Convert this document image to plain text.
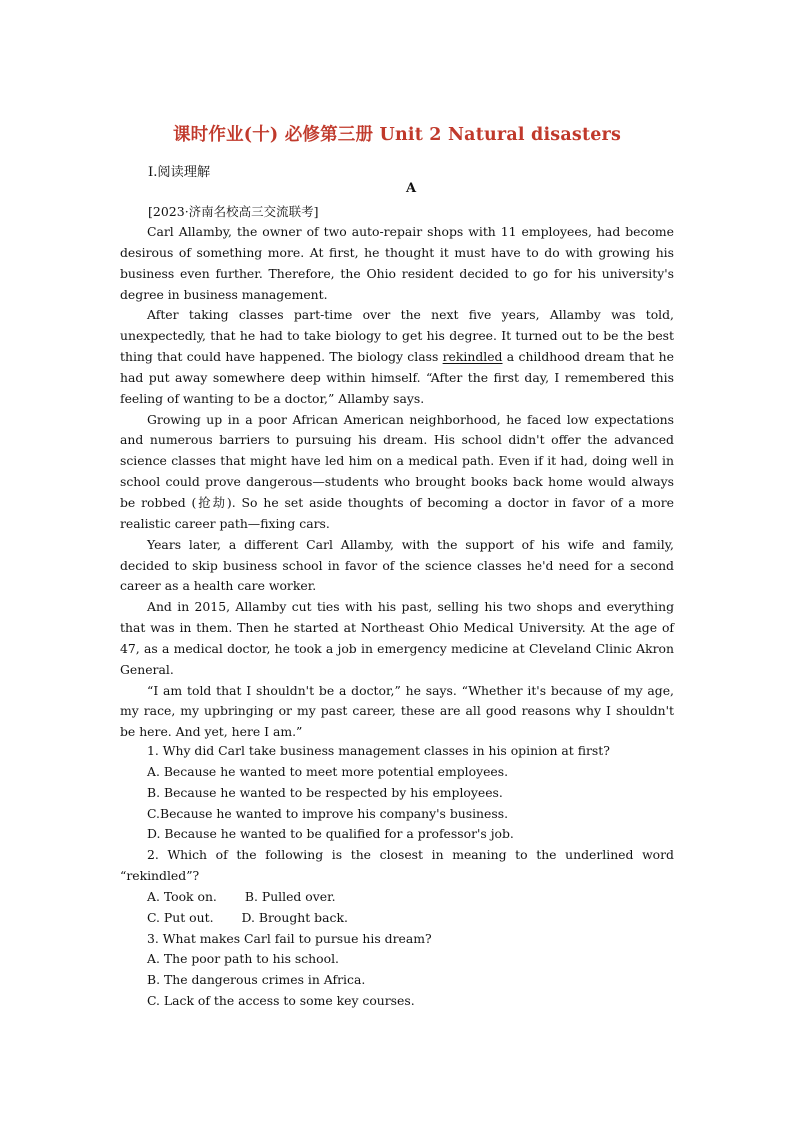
课时作业(十) 必修第三册 Unit 2 Natural disasters
Ⅰ.阅读理解
A
[2023·济南名校高三交流联考]

Carl Allamby, the owner of two auto-repair shops with 11 employees, had become desirous of something more. At first, he thought it must have to do with growing his business even further. Therefore, the Ohio resident decided to go for his university's degree in business management.

After taking classes part-time over the next five years, Allamby was told, unexpectedly, that he had to take biology to get his degree. It turned out to be the best thing that could have happened. The biology class rekindled a childhood dream that he had put away somewhere deep within himself. “After the first day, I remembered this feeling of wanting to be a doctor,” Allamby says.

Growing up in a poor African American neighborhood, he faced low expectations and numerous barriers to pursuing his dream. His school didn't offer the advanced science classes that might have led him on a medical path. Even if it had, doing well in school could prove dangerous—students who brought books back home would always be robbed (抢劫). So he set aside thoughts of becoming a doctor in favor of a more realistic career path—fixing cars.

Years later, a different Carl Allamby, with the support of his wife and family, decided to skip business school in favor of the science classes he'd need for a second career as a health care worker.

And in 2015, Allamby cut ties with his past, selling his two shops and everything that was in them. Then he started at Northeast Ohio Medical University. At the age of 47, as a medical doctor, he took a job in emergency medicine at Cleveland Clinic Akron General.

“I am told that I shouldn't be a doctor,” he says. “Whether it's because of my age, my race, my upbringing or my past career, these are all good reasons why I shouldn't be here. And yet, here I am.”

1. Why did Carl take business management classes in his opinion at first?

A. Because he wanted to meet more potential employees.

B. Because he wanted to be respected by his employees.

C.Because he wanted to improve his company's business.

D. Because he wanted to be qualified for a professor's job.

2. Which of the following is the closest in meaning to the underlined word “rekindled”?

A. Took on. B. Pulled over.

C. Put out. D. Brought back.

3. What makes Carl fail to pursue his dream?

A. The poor path to his school.

B. The dangerous crimes in Africa.

C. Lack of the access to some key courses.
